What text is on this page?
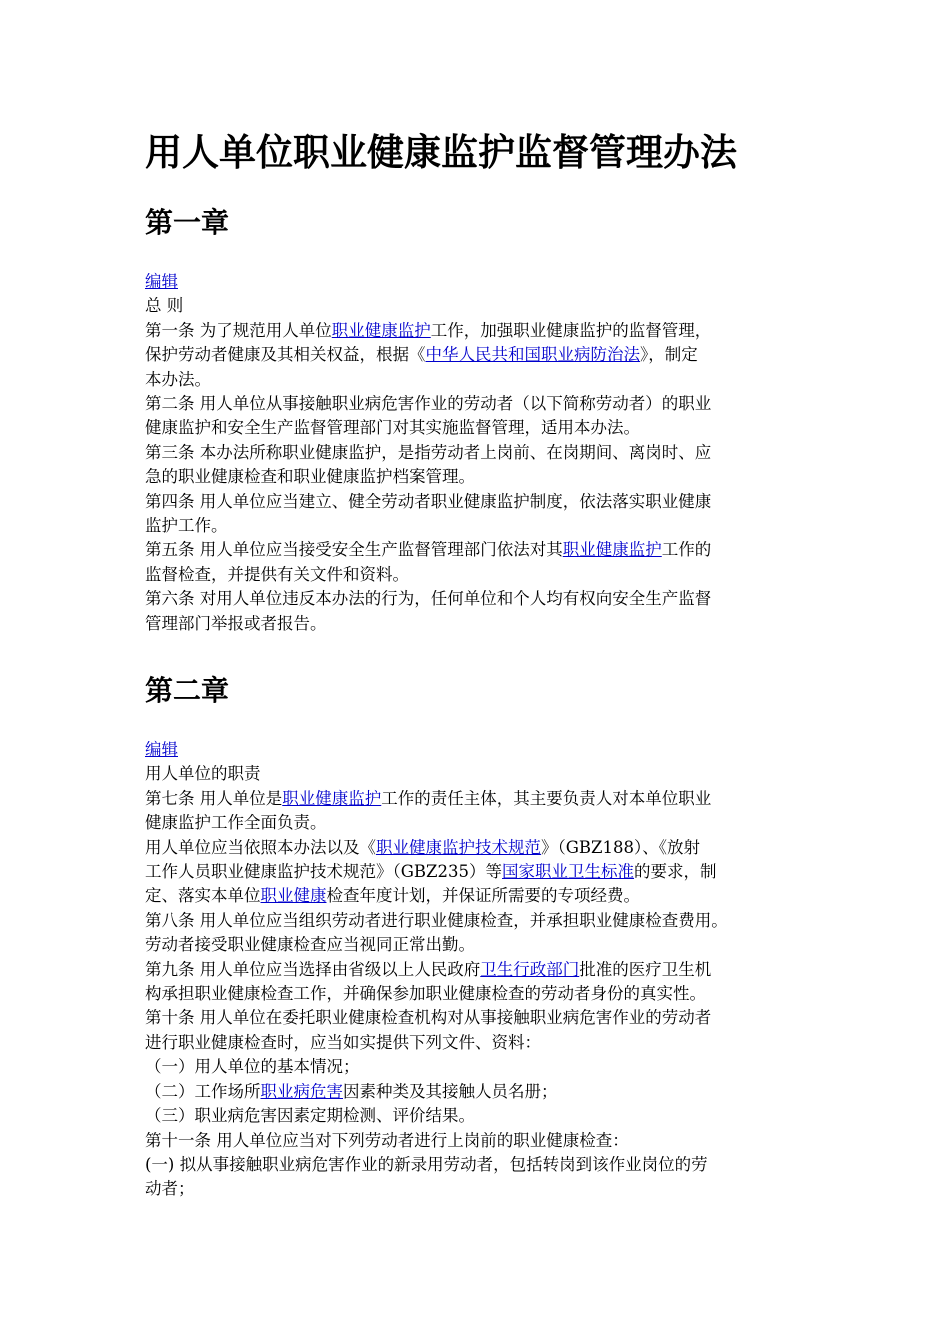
用人单位职业健康监护监督管理办法
第一章

编辑

总 则

第一条 为了规范用人单位职业健康监护工作，加强职业健康监护的监督管理，

保护劳动者健康及其相关权益，根据《中华人民共和国职业病防治法》，制定

本办法。

第二条 用人单位从事接触职业病危害作业的劳动者（以下简称劳动者）的职业

健康监护和安全生产监督管理部门对其实施监督管理，适用本办法。

第三条 本办法所称职业健康监护，是指劳动者上岗前、在岗期间、离岗时、应

急的职业健康检查和职业健康监护档案管理。

第四条 用人单位应当建立、健全劳动者职业健康监护制度，依法落实职业健康

监护工作。

第五条 用人单位应当接受安全生产监督管理部门依法对其职业健康监护工作的

监督检查，并提供有关文件和资料。

第六条 对用人单位违反本办法的行为，任何单位和个人均有权向安全生产监督

管理部门举报或者报告。

第二章

编辑

用人单位的职责

第七条 用人单位是职业健康监护工作的责任主体，其主要负责人对本单位职业

健康监护工作全面负责。

用人单位应当依照本办法以及《职业健康监护技术规范》（GBZ188）、《放射

工作人员职业健康监护技术规范》（GBZ235）等国家职业卫生标准的要求，制

定、落实本单位职业健康检查年度计划，并保证所需要的专项经费。

第八条 用人单位应当组织劳动者进行职业健康检查，并承担职业健康检查费用。

劳动者接受职业健康检查应当视同正常出勤。

第九条 用人单位应当选择由省级以上人民政府卫生行政部门批准的医疗卫生机

构承担职业健康检查工作，并确保参加职业健康检查的劳动者身份的真实性。

第十条 用人单位在委托职业健康检查机构对从事接触职业病危害作业的劳动者

进行职业健康检查时，应当如实提供下列文件、资料：

（一）用人单位的基本情况；

（二）工作场所职业病危害因素种类及其接触人员名册；

（三）职业病危害因素定期检测、评价结果。

第十一条 用人单位应当对下列劳动者进行上岗前的职业健康检查：

(一) 拟从事接触职业病危害作业的新录用劳动者，包括转岗到该作业岗位的劳

动者；
